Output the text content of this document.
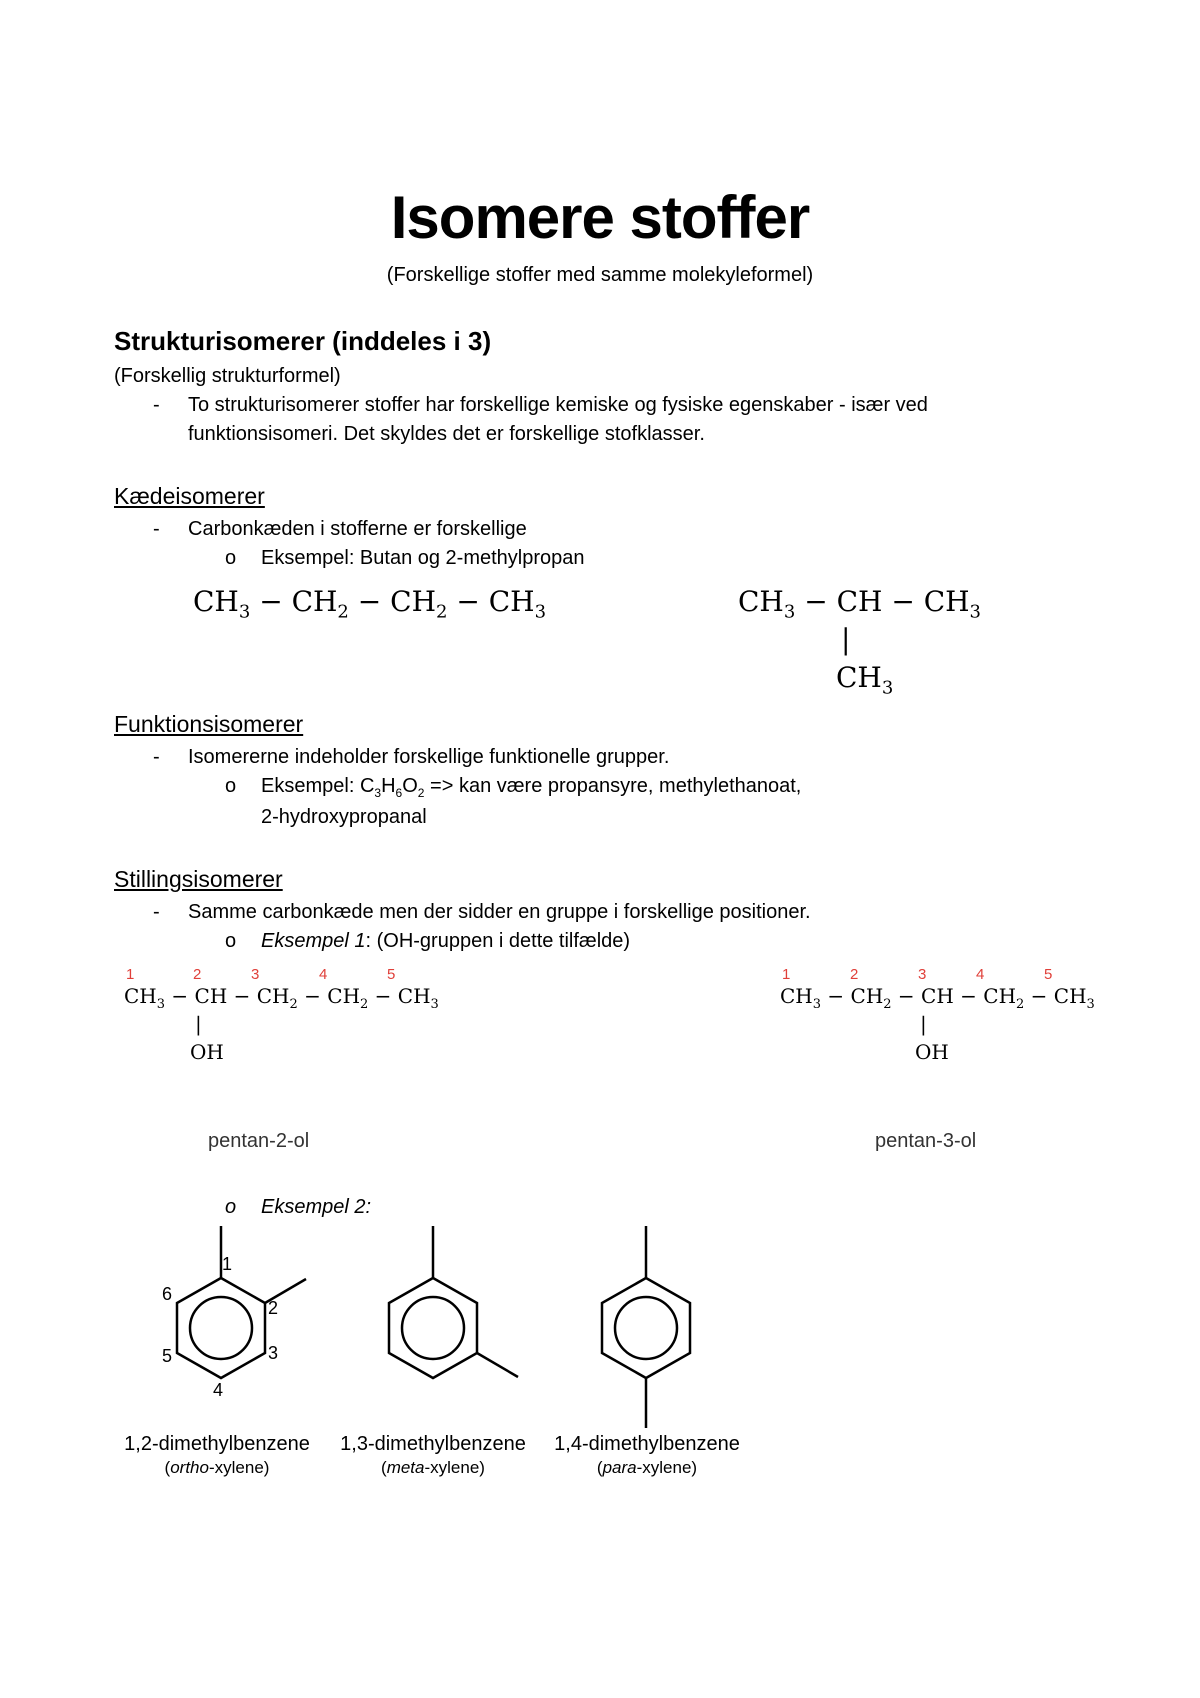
Isomere stoffer
(Forskellige stoffer med samme molekyleformel)
Strukturisomerer (inddeles i 3)
(Forskellig strukturformel)
- To strukturisomerer stoffer har forskellige kemiske og fysiske egenskaber - især ved
funktionsisomeri. Det skyldes det er forskellige stofklasser.
Kædeisomerer
- Carbonkæden i stofferne er forskellige
o Eksempel: Butan og 2-methylpropan
$CH_3 - CH_2 - CH_2 - CH_3$	$CH_3$ − CH − $CH_3$
|
$CH_3$
Funktionsisomerer
- Isomererne indeholder forskellige funktionelle grupper.
o Eksempel: $C_3H_6O_2$ => kan være propansyre, methylethanoat,
2-hydroxypropanal
Stillingsisomerer
- Samme carbonkæde men der sidder en gruppe i forskellige positioner.
o Eksempel 1: (OH-gruppen i dette tilfælde)
1	2	3	4	5
$CH_3$ − CH − $CH_2 - CH_2 - CH_3$
|
OH
pentan-2-ol
1	2	3	4	5
$CH_3 - CH_2$ − CH − $CH_2 - CH_3$
|
OH
pentan-3-ol
o Eksempel 2:
1
2
3
4
5
6
1,2-dimethylbenzene
(ortho-xylene)
1,3-dimethylbenzene
(meta-xylene)
1,4-dimethylbenzene
(para-xylene)
